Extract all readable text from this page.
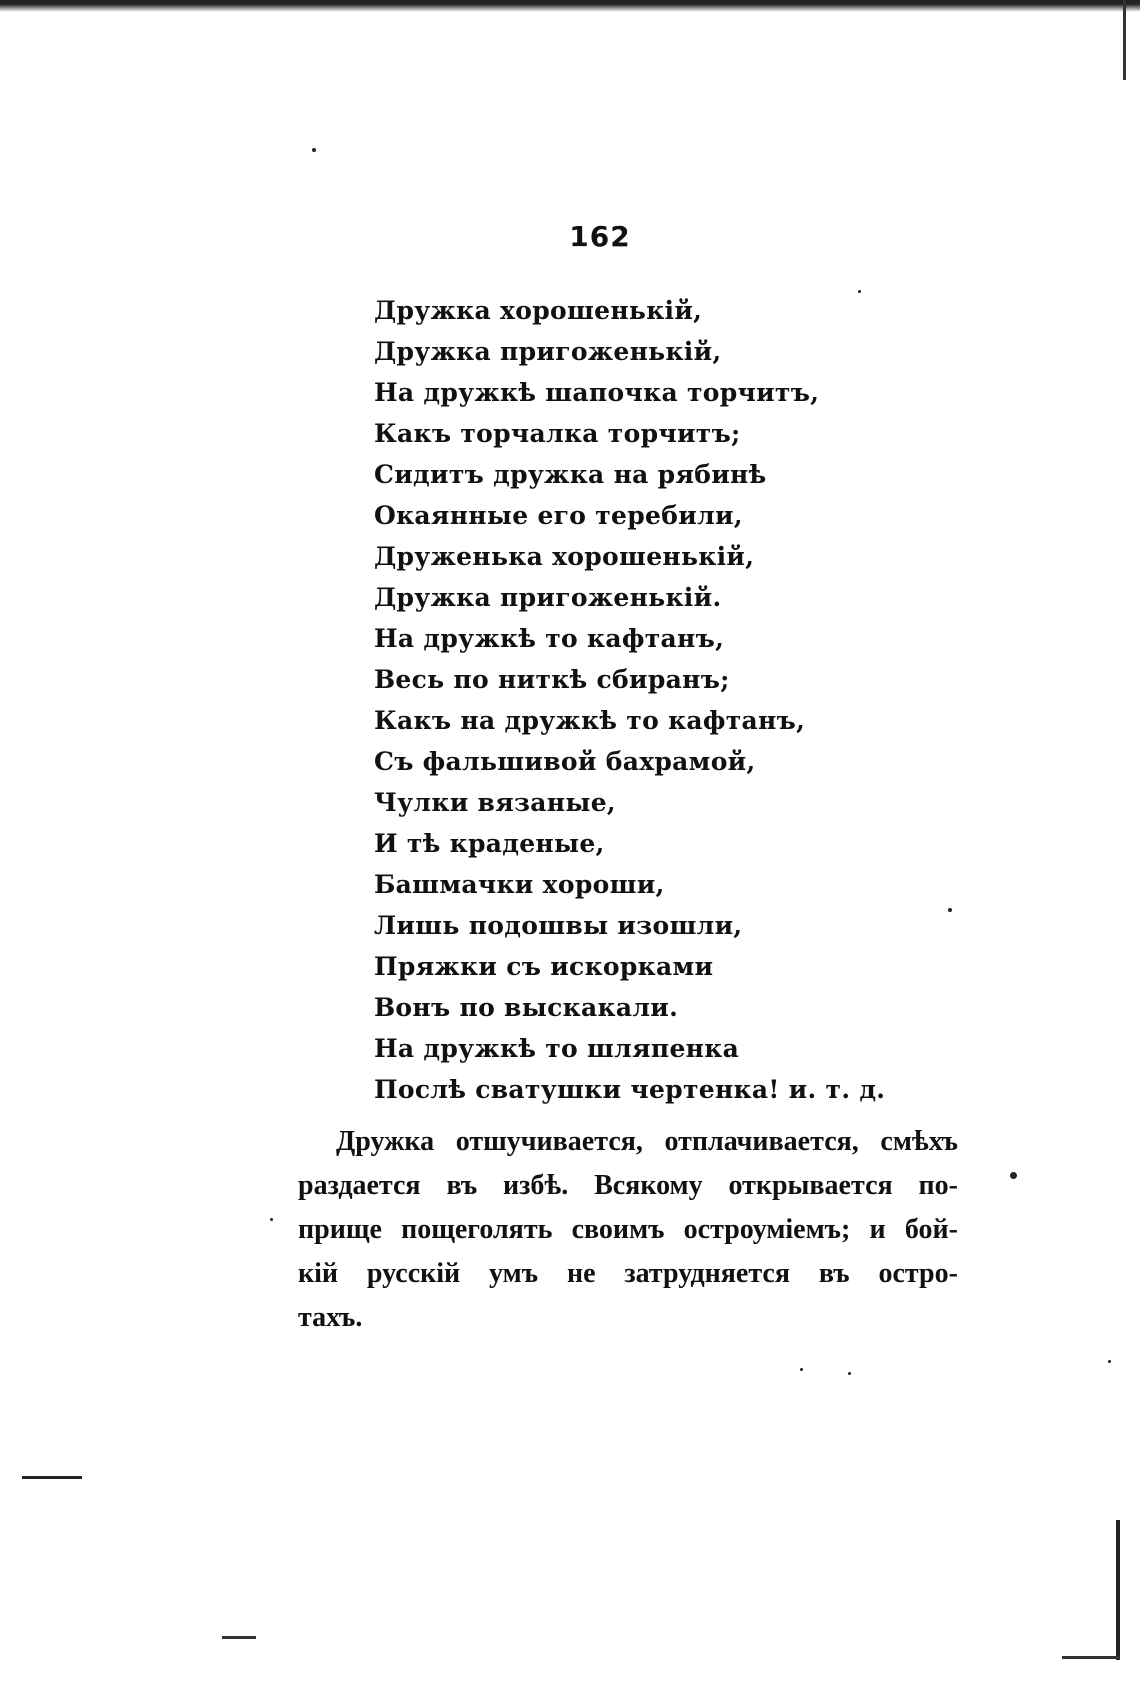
162
Дружка хорошенькій,
Дружка пригоженькій,
На дружкѣ шапочка торчитъ,
Какъ торчалка торчитъ;
Сидитъ дружка на рябинѣ
Окаянные его теребили,
Друженька хорошенькій,
Дружка пригоженькій.
На дружкѣ то кафтанъ,
Весь по ниткѣ сбиранъ;
Какъ на дружкѣ то кафтанъ,
Съ фальшивой бахрамой,
Чулки вязаные,
И тѣ краденые,
Башмачки хороши,
Лишь подошвы изошли,
Пряжки съ искорками
Вонъ по выскакали.
На дружкѣ то шляпенка
Послѣ сватушки чертенка! и. т. д.
Дружка отшучивается, отплачивается, смѣхъ
раздается въ избѣ. Всякому открывается по-
прище пощеголять своимъ остроуміемъ; и бой-
кій русскій умъ не затрудняется въ остро-
тахъ.
